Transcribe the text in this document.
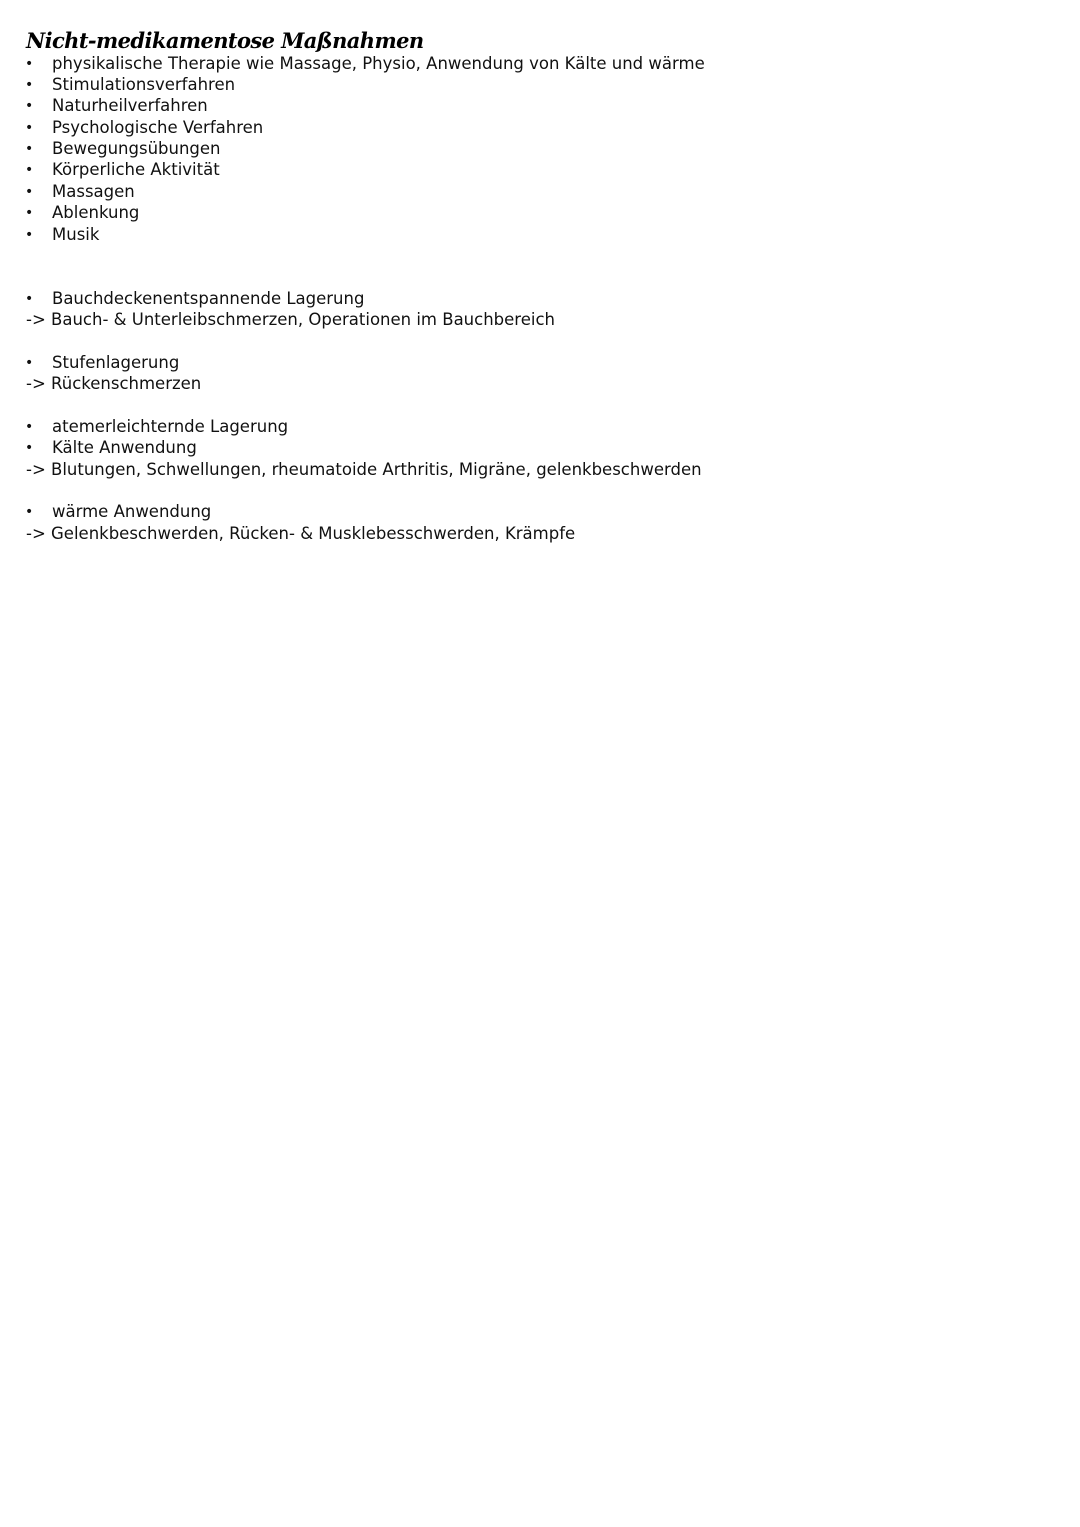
Nicht-medikamentose Maßnahmen
• physikalische Therapie wie Massage, Physio, Anwendung von Kälte und wärme
• Stimulationsverfahren
• Naturheilverfahren
• Psychologische Verfahren
• Bewegungsübungen
• Körperliche Aktivität
• Massagen
• Ablenkung
• Musik
• Bauchdeckenentspannende Lagerung
-> Bauch- & Unterleibschmerzen, Operationen im Bauchbereich
• Stufenlagerung
-> Rückenschmerzen
• atemerleichternde Lagerung
• Kälte Anwendung
-> Blutungen, Schwellungen, rheumatoide Arthritis, Migräne, gelenkbeschwerden
• wärme Anwendung
-> Gelenkbeschwerden, Rücken- & Musklebesschwerden, Krämpfe
